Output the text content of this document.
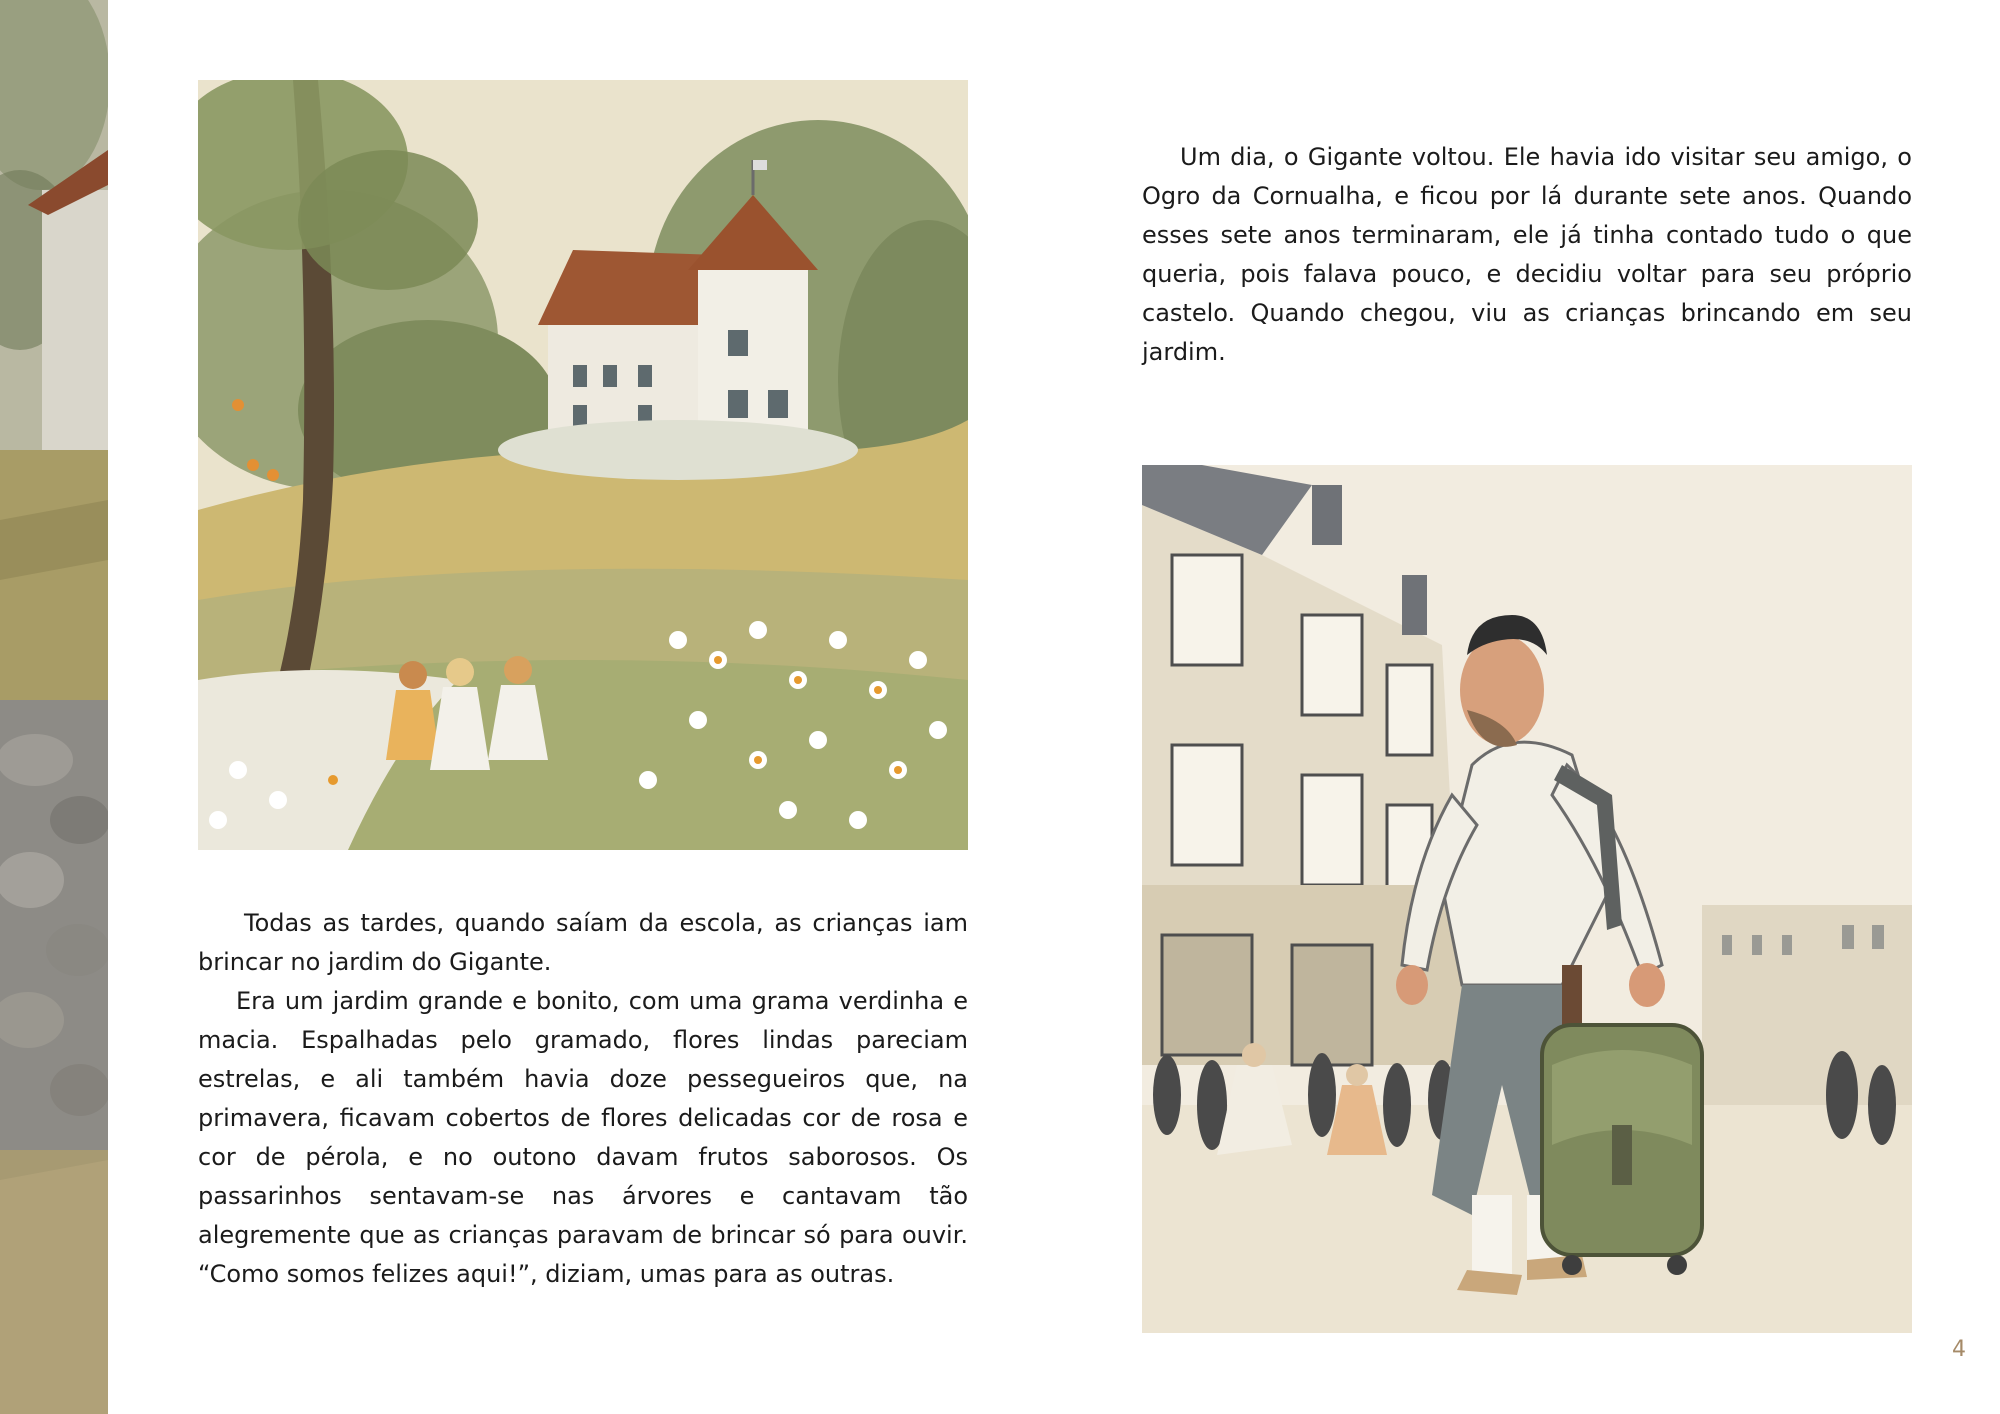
Todas as tardes, quando saíam da escola, as crianças iam brincar no jardim do Gigante.

Era um jardim grande e bonito, com uma grama verdinha e macia. Espalhadas pelo gramado, flores lindas pareciam estrelas, e ali também havia doze pessegueiros que, na primavera, ficavam cobertos de flores delicadas cor de rosa e cor de pérola, e no outono davam frutos saborosos. Os passarinhos sentavam-se nas árvores e cantavam tão alegremente que as crianças paravam de brincar só para ouvir. “Como somos felizes aqui!”, diziam, umas para as outras.

Um dia, o Gigante voltou. Ele havia ido visitar seu amigo, o Ogro da Cornualha, e ficou por lá durante sete anos. Quando esses sete anos terminaram, ele já tinha contado tudo o que queria, pois falava pouco, e decidiu voltar para seu próprio castelo. Quando chegou, viu as crianças brincando em seu jardim.

4
